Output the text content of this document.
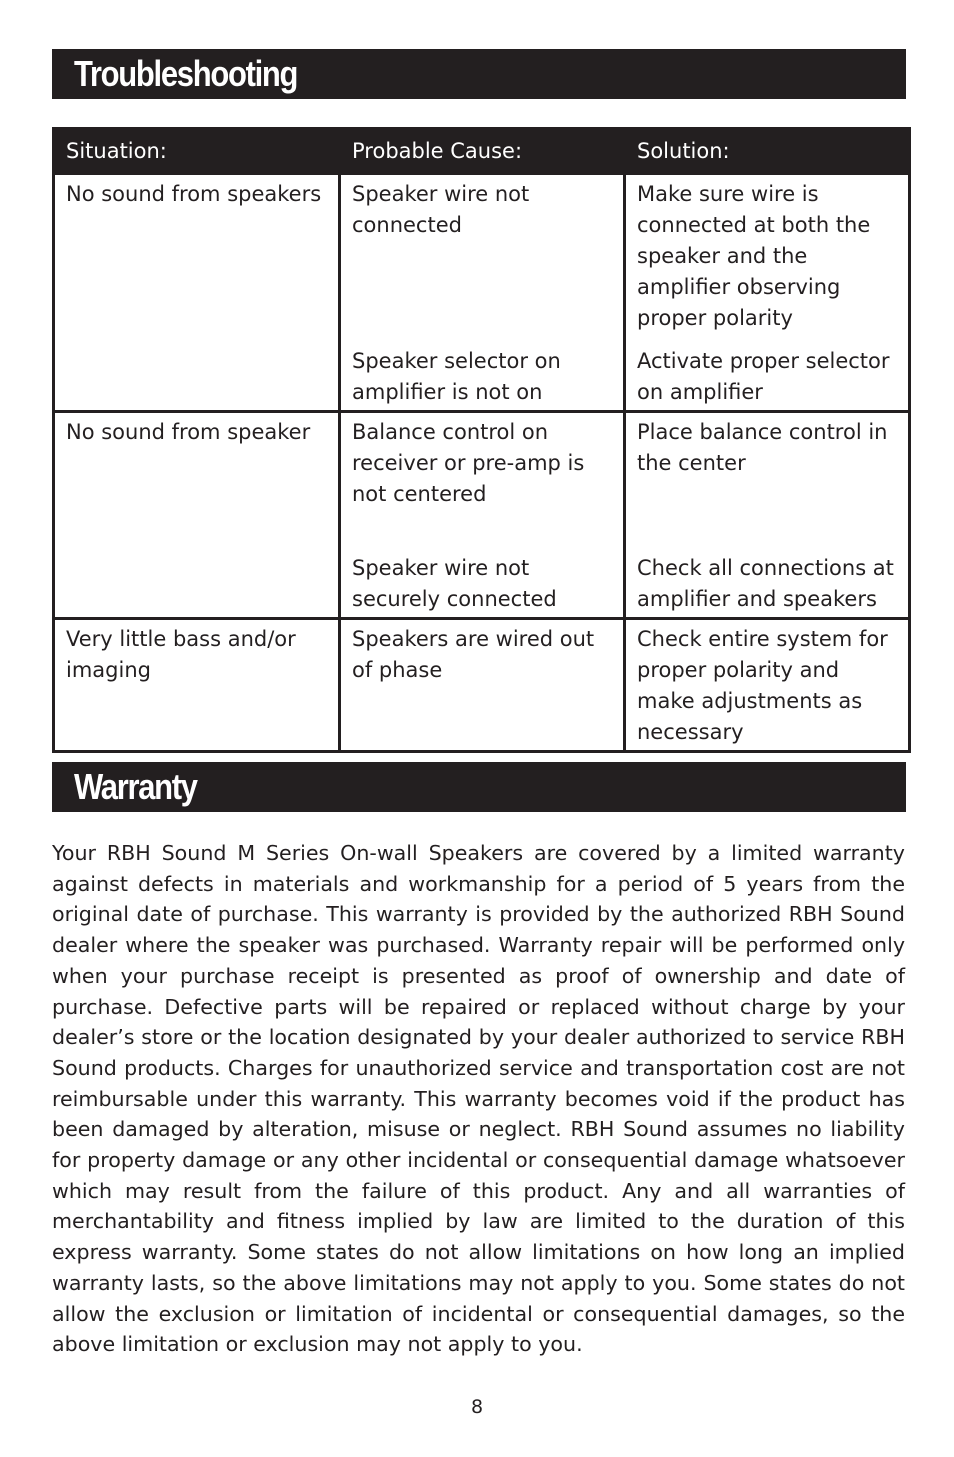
Troubleshooting
Situation:	Probable Cause:	Solution:

No sound from speakers	Speaker wire not connected	Make sure wire is connected at both the speaker and the amplifier observing proper polarity

	Speaker selector on amplifier is not on	Activate proper selector on amplifier

No sound from speaker	Balance control on receiver or pre-amp is not centered	Place balance control in the center

	Speaker wire not securely connected	Check all connections at amplifier and speakers

Very little bass and/or imaging	Speakers are wired out of phase	Check entire system for proper polarity and make adjustments as necessary
Warranty

Your RBH Sound M Series On-wall Speakers are covered by a limited warranty against defects in materials and workmanship for a period of 5 years from the original date of purchase. This warranty is provided by the authorized RBH Sound dealer where the speaker was purchased. Warranty repair will be performed only when your purchase receipt is presented as proof of ownership and date of purchase. Defective parts will be repaired or replaced without charge by your dealer’s store or the location designated by your dealer authorized to service RBH Sound products. Charges for unauthorized service and transportation cost are not reimbursable under this warranty. This warranty becomes void if the product has been damaged by alteration, misuse or neglect. RBH Sound assumes no liability for property damage or any other incidental or consequential damage whatsoever which may result from the failure of this product. Any and all warranties of merchantability and fitness implied by law are limited to the duration of this express warranty. Some states do not allow limitations on how long an implied warranty lasts, so the above limitations may not apply to you. Some states do not allow the exclusion or limitation of incidental or consequential damages, so the above limitation or exclusion may not apply to you.

8
